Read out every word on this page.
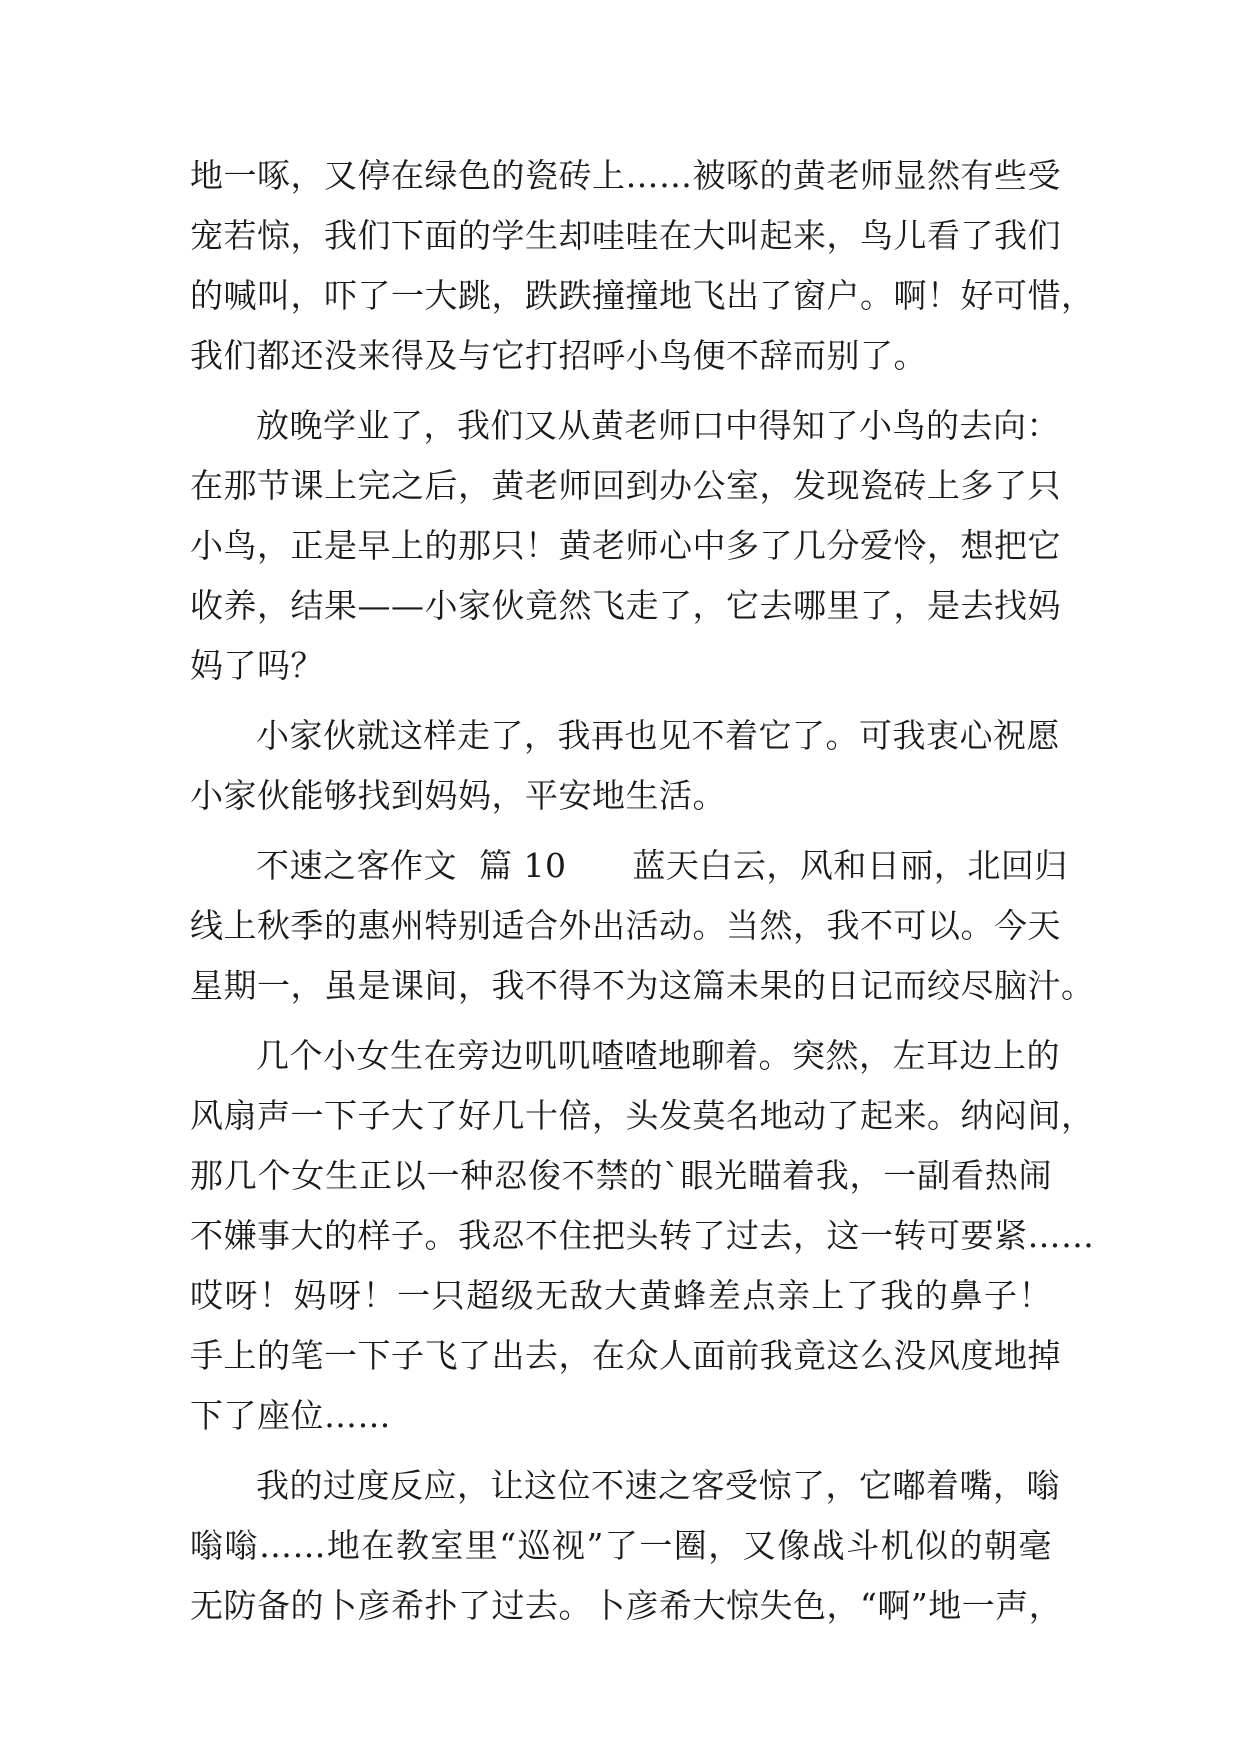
地一啄，又停在绿色的瓷砖上……被啄的黄老师显然有些受
宠若惊，我们下面的学生却哇哇在大叫起来，鸟儿看了我们
的喊叫，吓了一大跳，跌跌撞撞地飞出了窗户。啊！好可惜，
我们都还没来得及与它打招呼小鸟便不辞而别了。
放晚学业了，我们又从黄老师口中得知了小鸟的去向：
在那节课上完之后，黄老师回到办公室，发现瓷砖上多了只
小鸟，正是早上的那只！黄老师心中多了几分爱怜，想把它
收养，结果——小家伙竟然飞走了，它去哪里了，是去找妈
妈了吗？
小家伙就这样走了，我再也见不着它了。可我衷心祝愿
小家伙能够找到妈妈，平安地生活。
不速之客作文  篇 10      蓝天白云，风和日丽，北回归
线上秋季的惠州特别适合外出活动。当然，我不可以。今天
星期一，虽是课间，我不得不为这篇未果的日记而绞尽脑汁。
几个小女生在旁边叽叽喳喳地聊着。突然，左耳边上的
风扇声一下子大了好几十倍，头发莫名地动了起来。纳闷间，
那几个女生正以一种忍俊不禁的`眼光瞄着我，一副看热闹
不嫌事大的样子。我忍不住把头转了过去，这一转可要紧……
哎呀！妈呀！一只超级无敌大黄蜂差点亲上了我的鼻子！
手上的笔一下子飞了出去，在众人面前我竟这么没风度地掉
下了座位……
我的过度反应，让这位不速之客受惊了，它嘟着嘴，嗡
嗡嗡……地在教室里“巡视”了一圈，又像战斗机似的朝毫
无防备的卜彦希扑了过去。卜彦希大惊失色，“啊”地一声，
